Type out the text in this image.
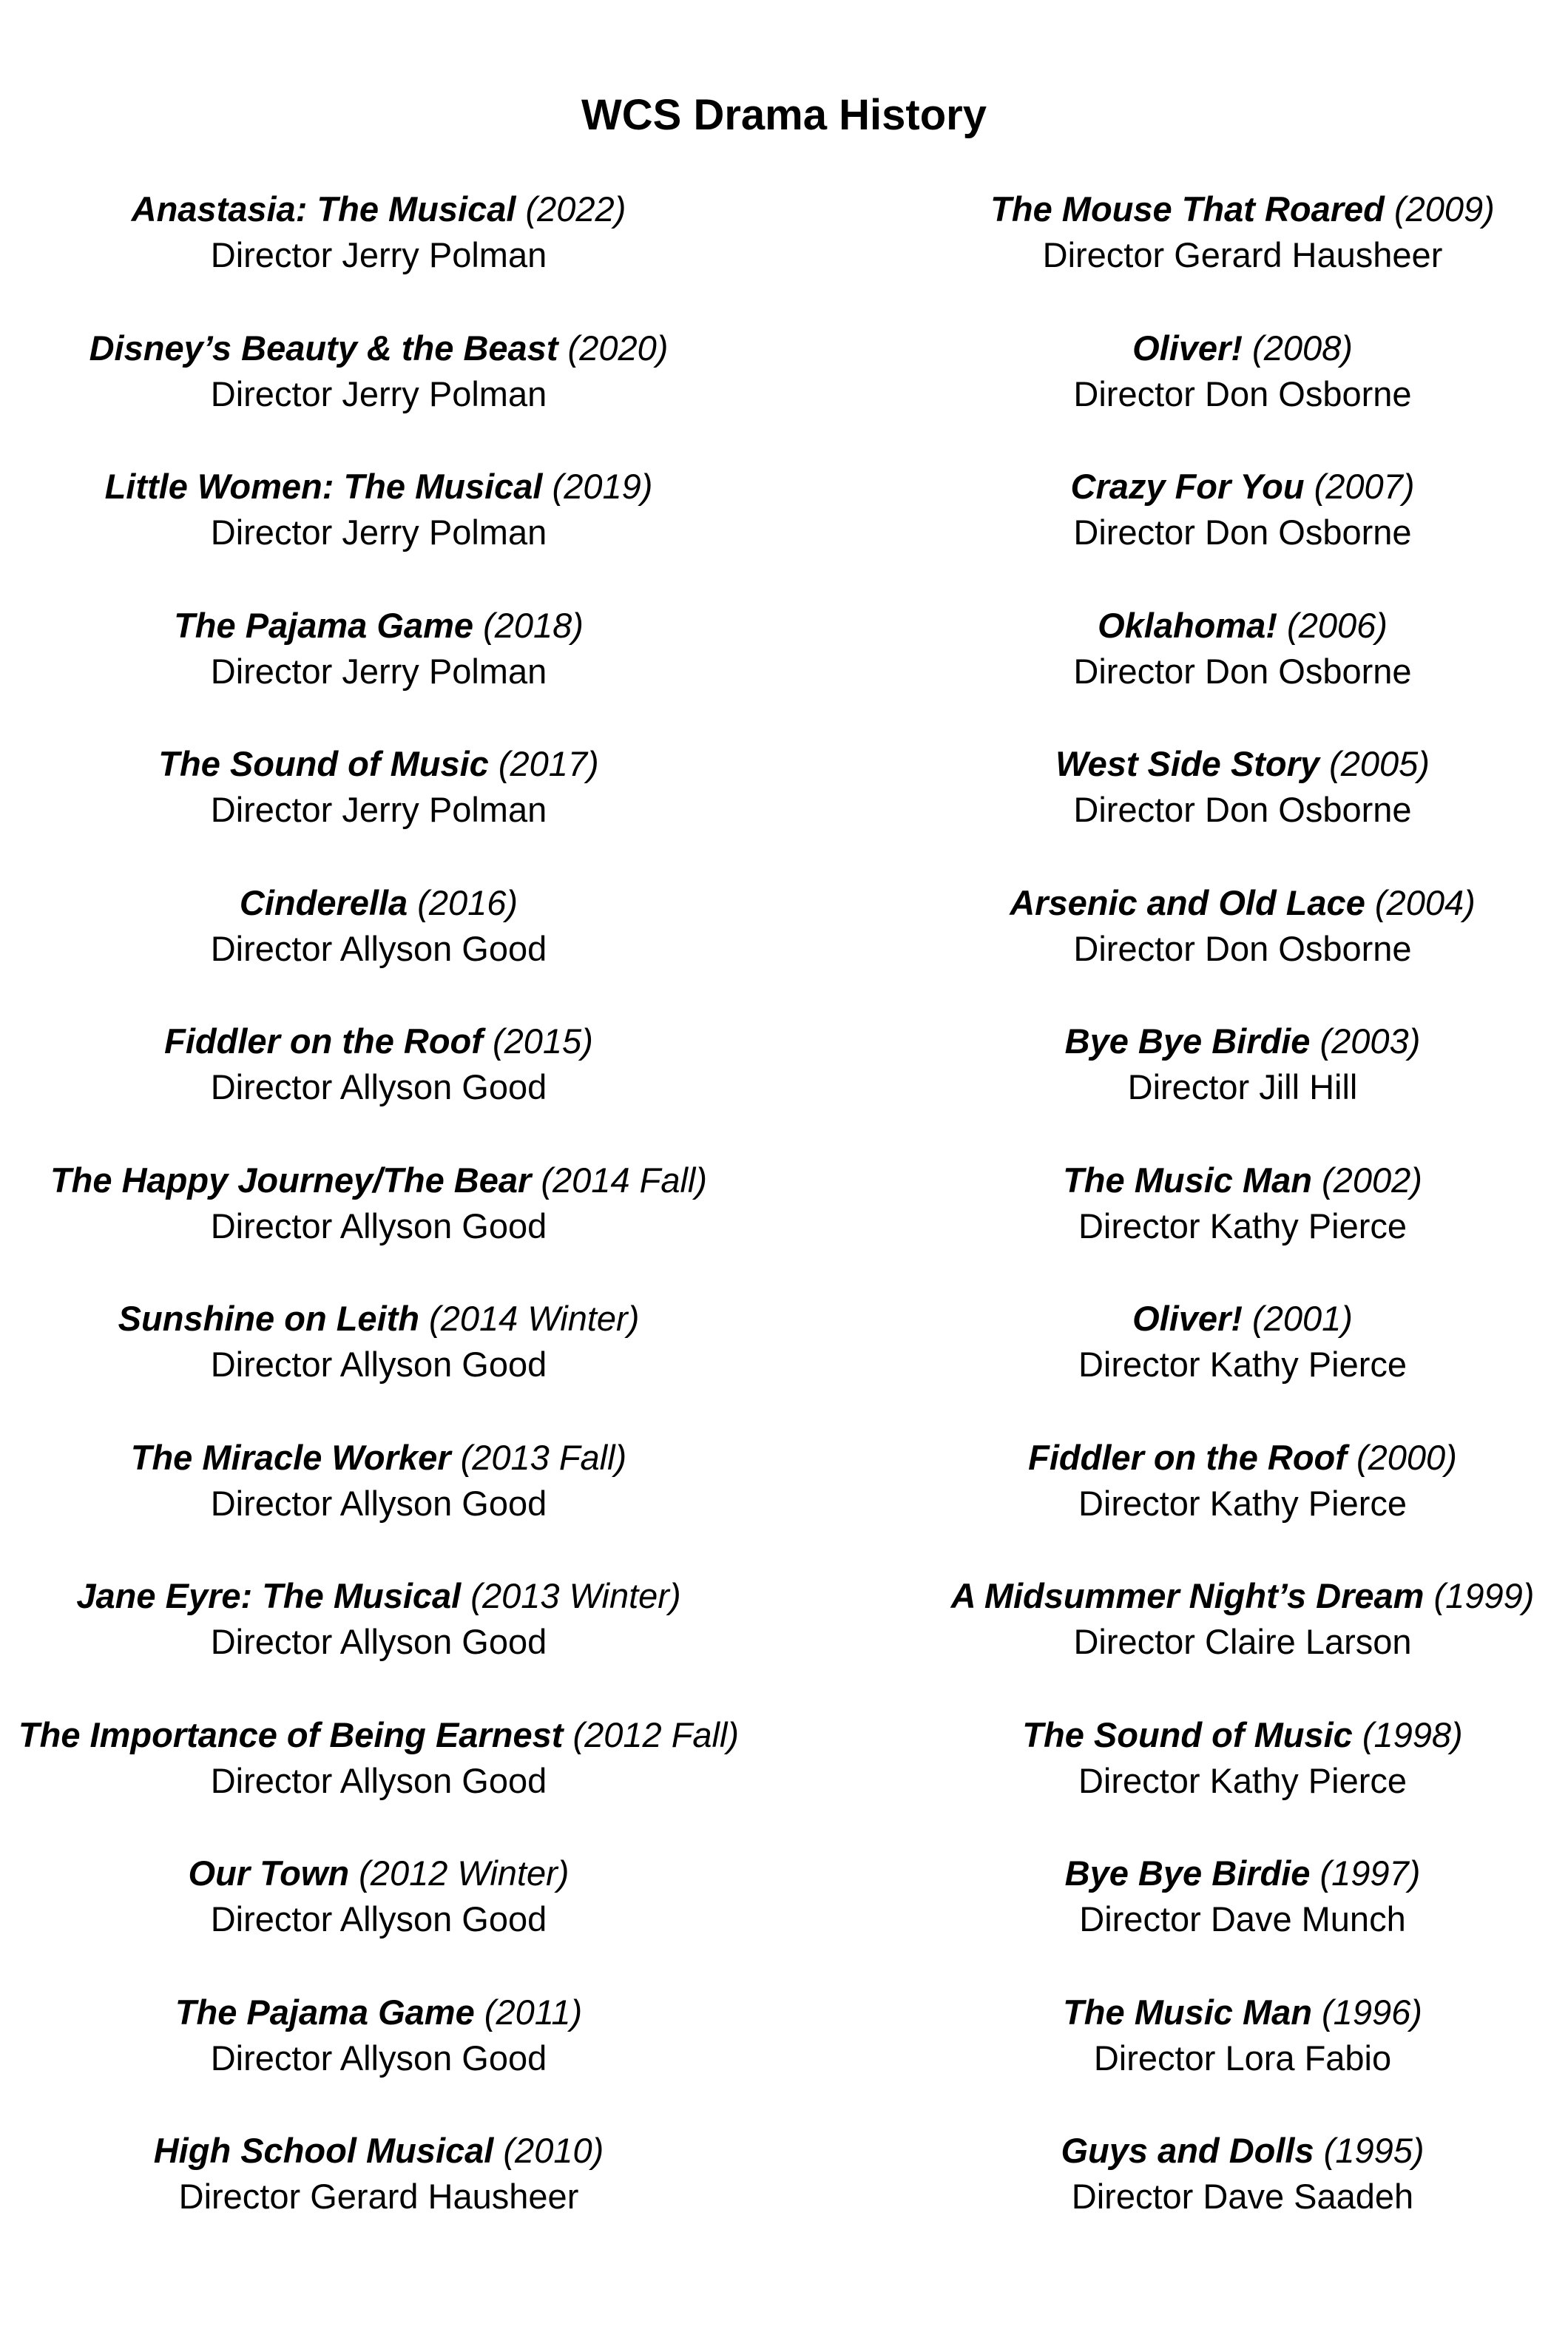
WCS Drama History
Anastasia: The Musical (2022)
Director Jerry Polman
Disney’s Beauty & the Beast (2020)
Director Jerry Polman
Little Women: The Musical (2019)
Director Jerry Polman
The Pajama Game (2018)
Director Jerry Polman
The Sound of Music (2017)
Director Jerry Polman
Cinderella (2016)
Director Allyson Good
Fiddler on the Roof (2015)
Director Allyson Good
The Happy Journey/The Bear (2014 Fall)
Director Allyson Good
Sunshine on Leith (2014 Winter)
Director Allyson Good
The Miracle Worker (2013 Fall)
Director Allyson Good
Jane Eyre: The Musical (2013 Winter)
Director Allyson Good
The Importance of Being Earnest (2012 Fall)
Director Allyson Good
Our Town (2012 Winter)
Director Allyson Good
The Pajama Game (2011)
Director Allyson Good
High School Musical (2010)
Director Gerard Hausheer
The Mouse That Roared (2009)
Director Gerard Hausheer
Oliver! (2008)
Director Don Osborne
Crazy For You (2007)
Director Don Osborne
Oklahoma! (2006)
Director Don Osborne
West Side Story (2005)
Director Don Osborne
Arsenic and Old Lace (2004)
Director Don Osborne
Bye Bye Birdie (2003)
Director Jill Hill
The Music Man (2002)
Director Kathy Pierce
Oliver! (2001)
Director Kathy Pierce
Fiddler on the Roof (2000)
Director Kathy Pierce
A Midsummer Night’s Dream (1999)
Director Claire Larson
The Sound of Music (1998)
Director Kathy Pierce
Bye Bye Birdie (1997)
Director Dave Munch
The Music Man (1996)
Director Lora Fabio
Guys and Dolls (1995)
Director Dave Saadeh
